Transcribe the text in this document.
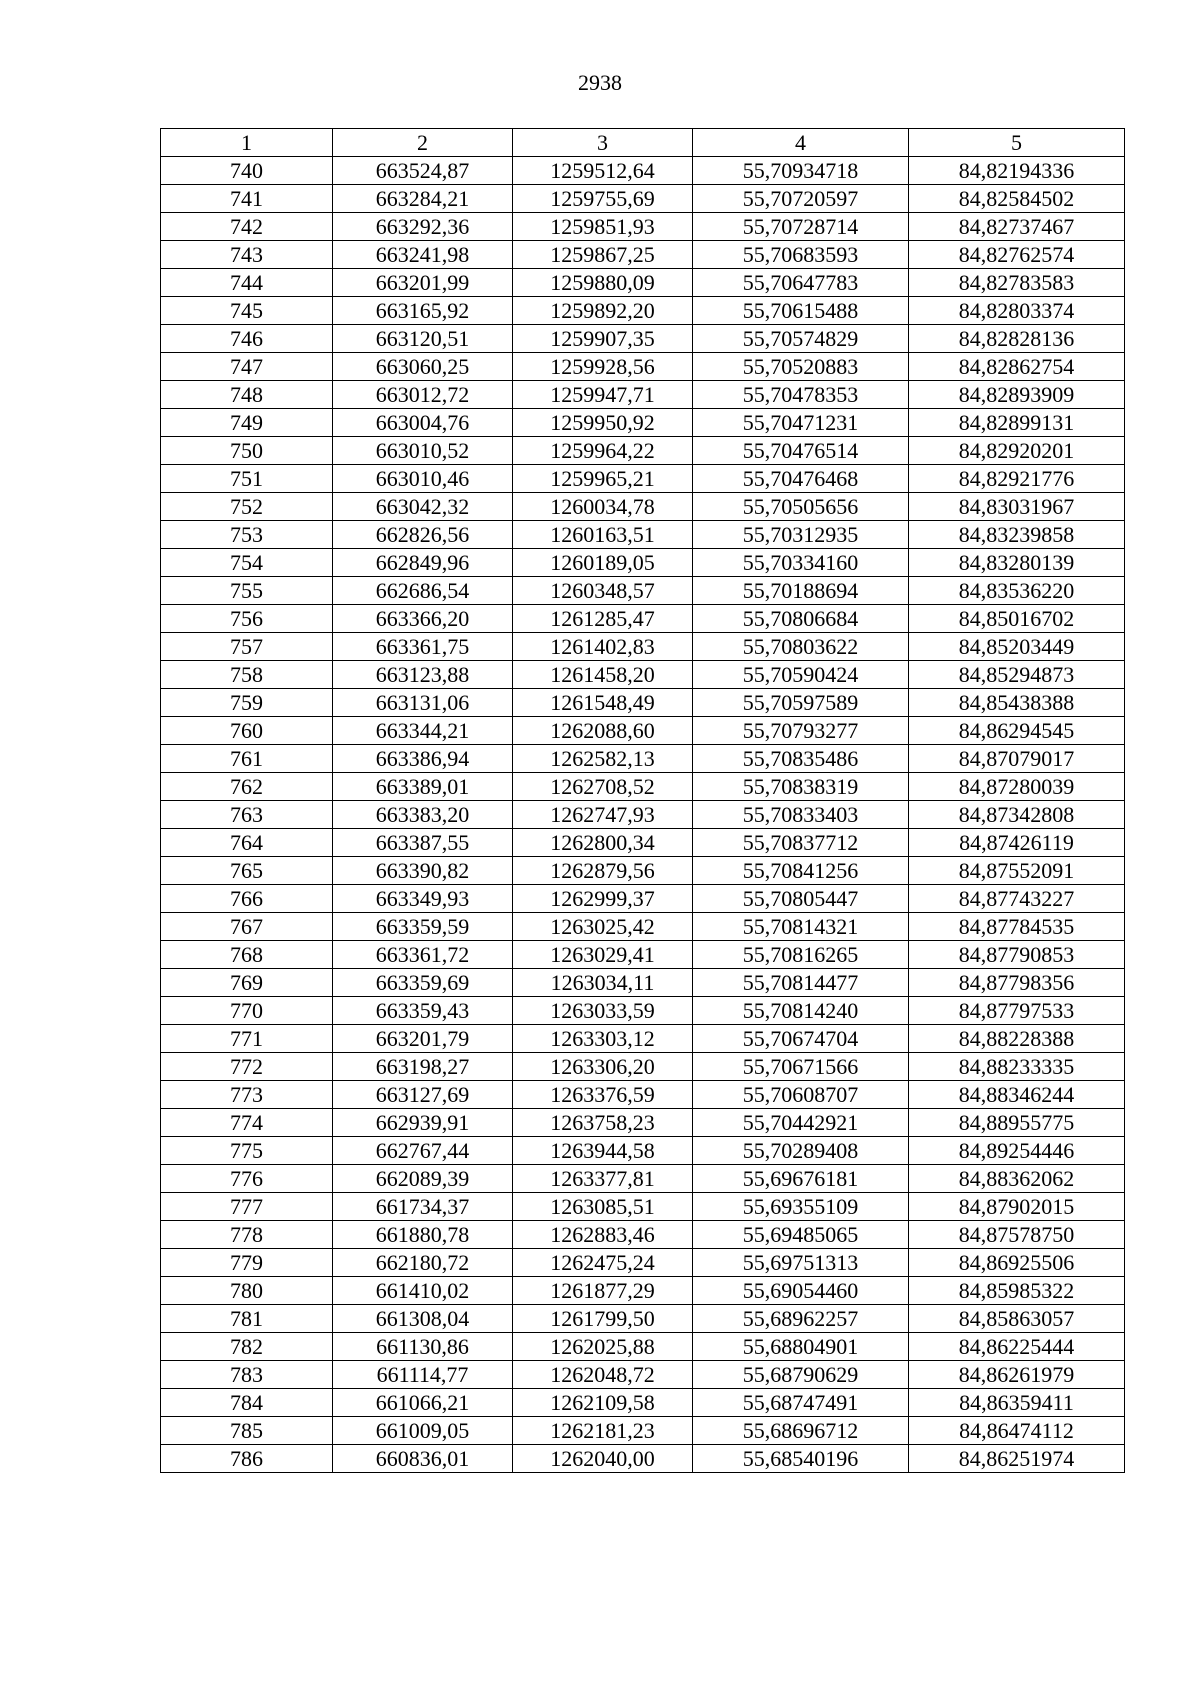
2938
1	2	3	4	5
740	663524,87	1259512,64	55,70934718	84,82194336
741	663284,21	1259755,69	55,70720597	84,82584502
742	663292,36	1259851,93	55,70728714	84,82737467
743	663241,98	1259867,25	55,70683593	84,82762574
744	663201,99	1259880,09	55,70647783	84,82783583
745	663165,92	1259892,20	55,70615488	84,82803374
746	663120,51	1259907,35	55,70574829	84,82828136
747	663060,25	1259928,56	55,70520883	84,82862754
748	663012,72	1259947,71	55,70478353	84,82893909
749	663004,76	1259950,92	55,70471231	84,82899131
750	663010,52	1259964,22	55,70476514	84,82920201
751	663010,46	1259965,21	55,70476468	84,82921776
752	663042,32	1260034,78	55,70505656	84,83031967
753	662826,56	1260163,51	55,70312935	84,83239858
754	662849,96	1260189,05	55,70334160	84,83280139
755	662686,54	1260348,57	55,70188694	84,83536220
756	663366,20	1261285,47	55,70806684	84,85016702
757	663361,75	1261402,83	55,70803622	84,85203449
758	663123,88	1261458,20	55,70590424	84,85294873
759	663131,06	1261548,49	55,70597589	84,85438388
760	663344,21	1262088,60	55,70793277	84,86294545
761	663386,94	1262582,13	55,70835486	84,87079017
762	663389,01	1262708,52	55,70838319	84,87280039
763	663383,20	1262747,93	55,70833403	84,87342808
764	663387,55	1262800,34	55,70837712	84,87426119
765	663390,82	1262879,56	55,70841256	84,87552091
766	663349,93	1262999,37	55,70805447	84,87743227
767	663359,59	1263025,42	55,70814321	84,87784535
768	663361,72	1263029,41	55,70816265	84,87790853
769	663359,69	1263034,11	55,70814477	84,87798356
770	663359,43	1263033,59	55,70814240	84,87797533
771	663201,79	1263303,12	55,70674704	84,88228388
772	663198,27	1263306,20	55,70671566	84,88233335
773	663127,69	1263376,59	55,70608707	84,88346244
774	662939,91	1263758,23	55,70442921	84,88955775
775	662767,44	1263944,58	55,70289408	84,89254446
776	662089,39	1263377,81	55,69676181	84,88362062
777	661734,37	1263085,51	55,69355109	84,87902015
778	661880,78	1262883,46	55,69485065	84,87578750
779	662180,72	1262475,24	55,69751313	84,86925506
780	661410,02	1261877,29	55,69054460	84,85985322
781	661308,04	1261799,50	55,68962257	84,85863057
782	661130,86	1262025,88	55,68804901	84,86225444
783	661114,77	1262048,72	55,68790629	84,86261979
784	661066,21	1262109,58	55,68747491	84,86359411
785	661009,05	1262181,23	55,68696712	84,86474112
786	660836,01	1262040,00	55,68540196	84,86251974
